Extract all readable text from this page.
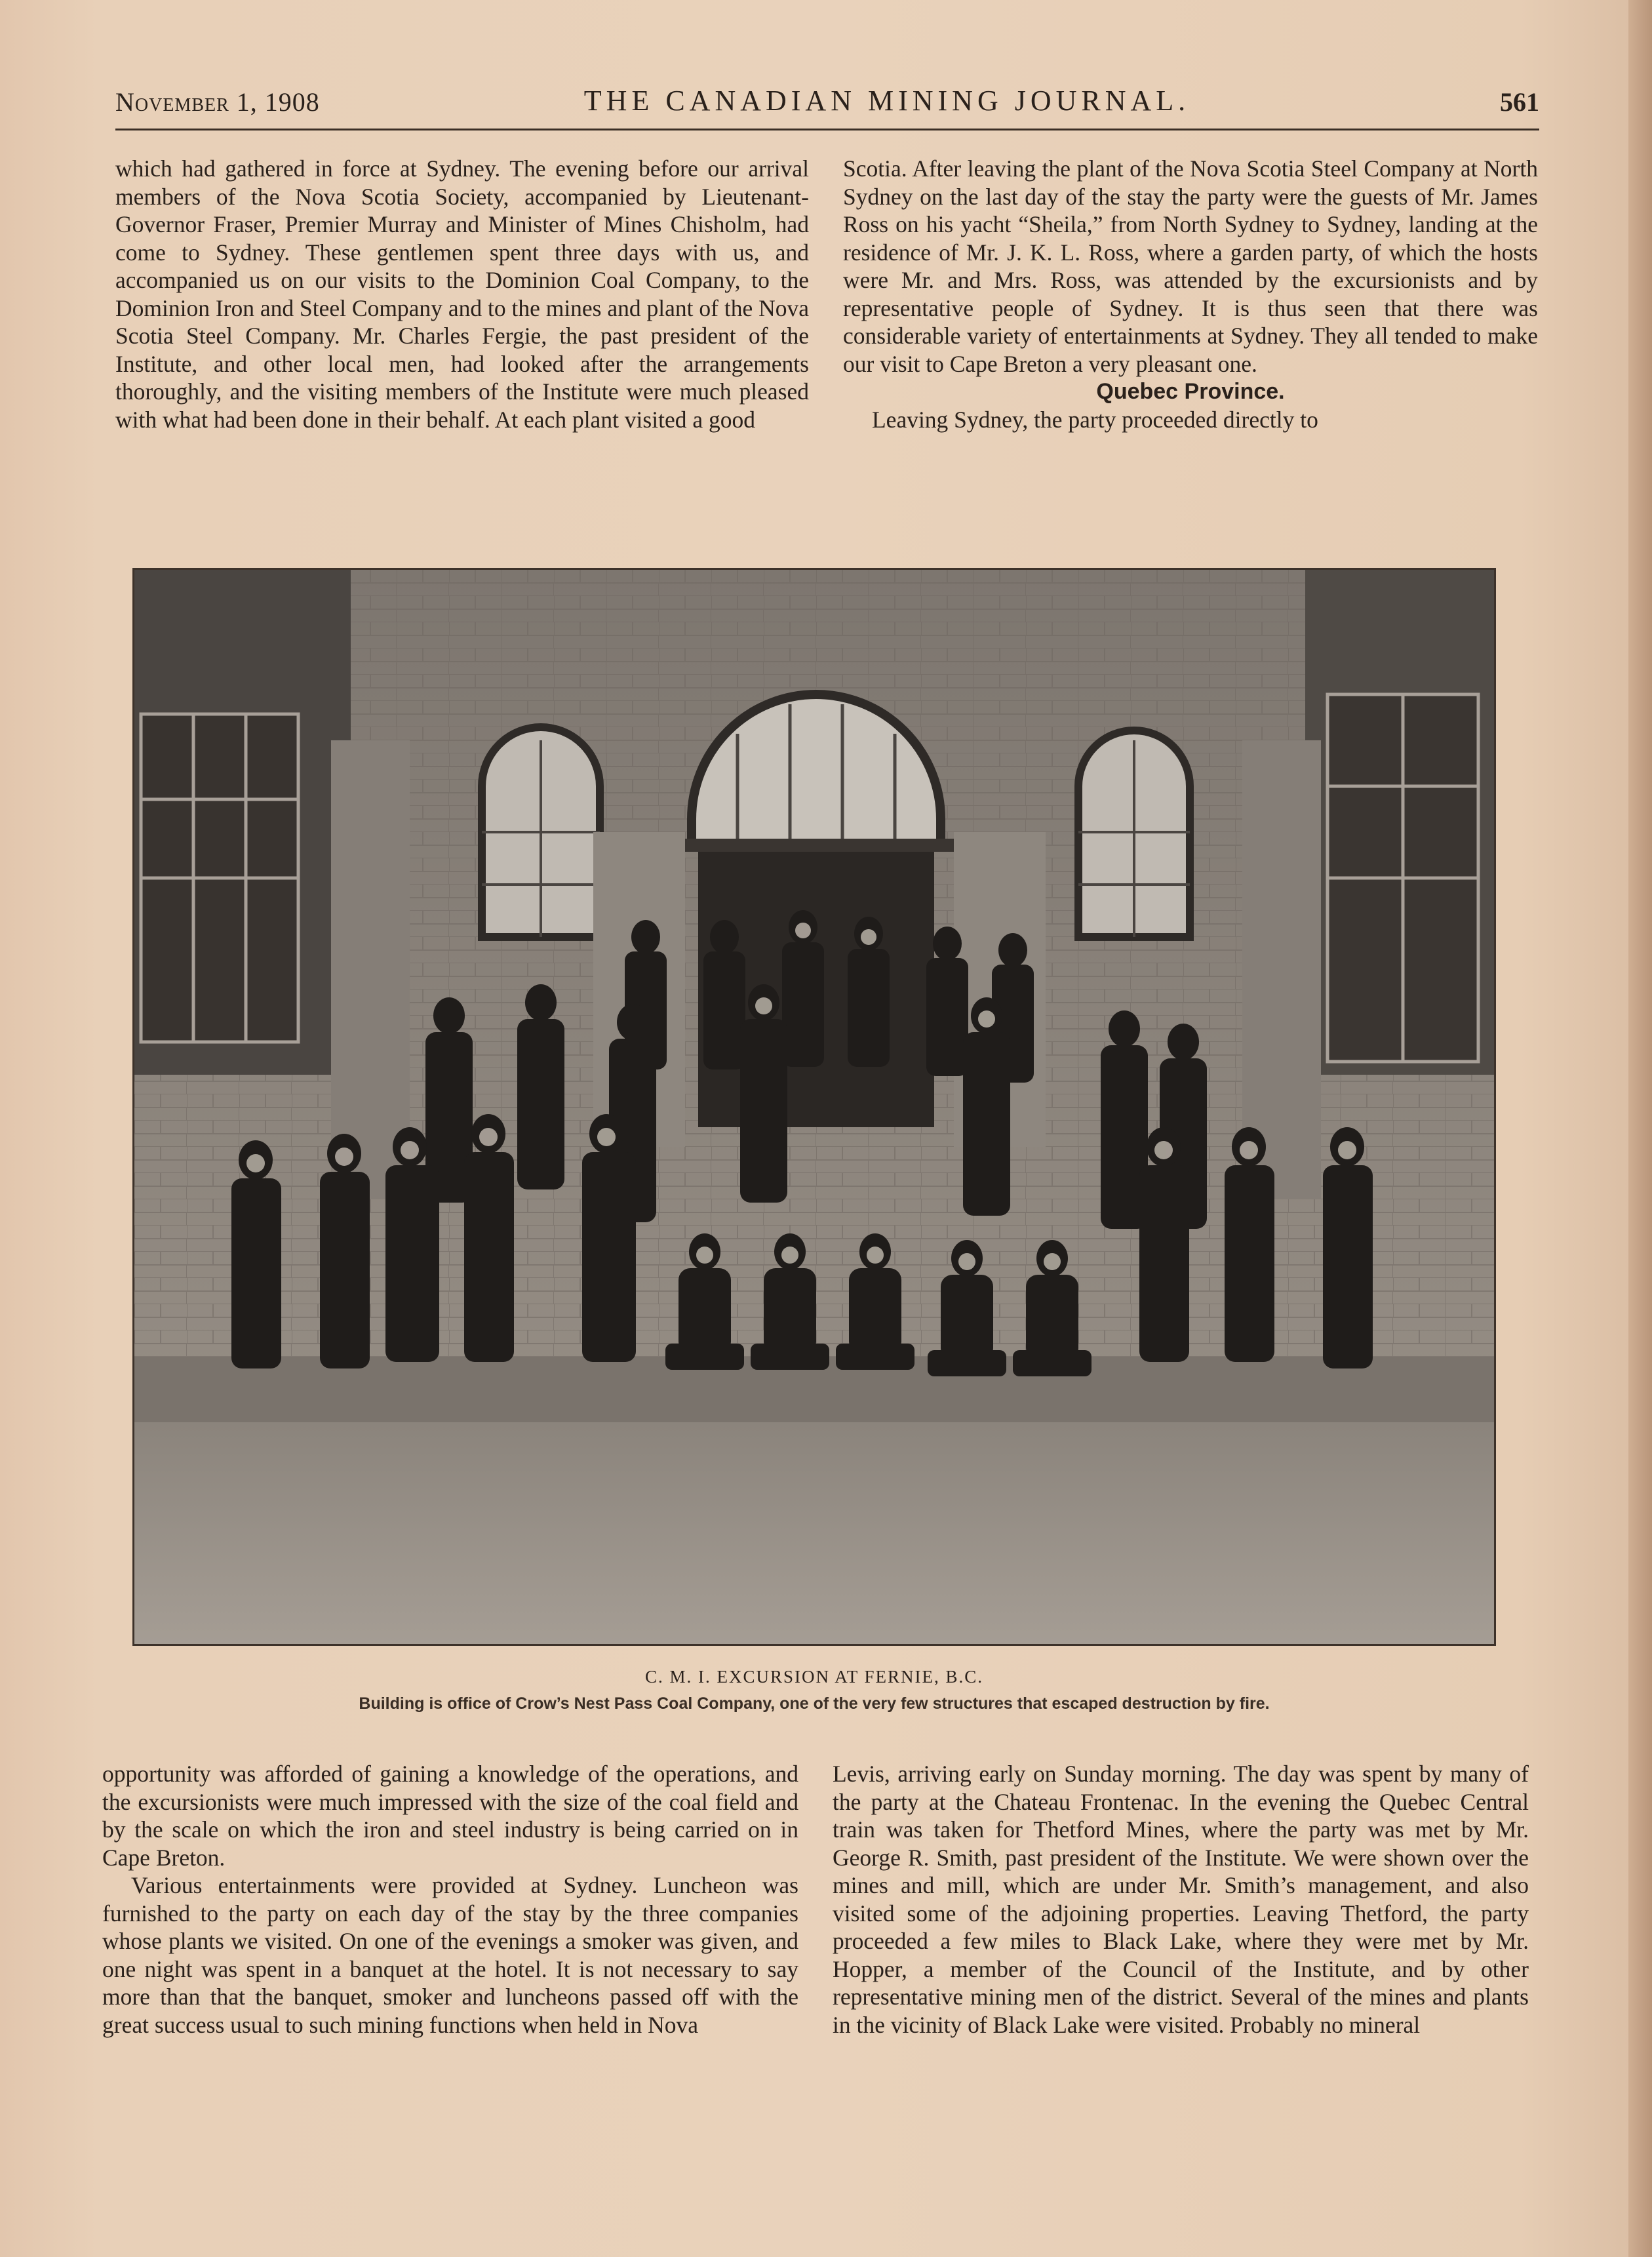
November 1, 1908	THE CANADIAN MINING JOURNAL.	561

which had gathered in force at Sydney. The evening before our arrival members of the Nova Scotia Society, accompanied by Lieutenant-Governor Fraser, Premier Murray and Minister of Mines Chisholm, had come to Sydney. These gentlemen spent three days with us, and accompanied us on our visits to the Dominion Coal Company, to the Dominion Iron and Steel Company and to the mines and plant of the Nova Scotia Steel Company. Mr. Charles Fergie, the past president of the Institute, and other local men, had looked after the arrangements thoroughly, and the visiting members of the Institute were much pleased with what had been done in their behalf. At each plant visited a good

Scotia. After leaving the plant of the Nova Scotia Steel Company at North Sydney on the last day of the stay the party were the guests of Mr. James Ross on his yacht “Sheila,” from North Sydney to Sydney, landing at the residence of Mr. J. K. L. Ross, where a garden party, of which the hosts were Mr. and Mrs. Ross, was attended by the excursionists and by representative people of Sydney. It is thus seen that there was considerable variety of entertainments at Sydney. They all tended to make our visit to Cape Breton a very pleasant one.

Quebec Province.

Leaving Sydney, the party proceeded directly to

C. M. I. EXCURSION AT FERNIE, B.C.
Building is office of Crow’s Nest Pass Coal Company, one of the very few structures that escaped destruction by fire.

opportunity was afforded of gaining a knowledge of the operations, and the excursionists were much impressed with the size of the coal field and by the scale on which the iron and steel industry is being carried on in Cape Breton.

Various entertainments were provided at Sydney. Luncheon was furnished to the party on each day of the stay by the three companies whose plants we visited. On one of the evenings a smoker was given, and one night was spent in a banquet at the hotel. It is not necessary to say more than that the banquet, smoker and luncheons passed off with the great success usual to such mining functions when held in Nova

Levis, arriving early on Sunday morning. The day was spent by many of the party at the Chateau Frontenac. In the evening the Quebec Central train was taken for Thetford Mines, where the party was met by Mr. George R. Smith, past president of the Institute. We were shown over the mines and mill, which are under Mr. Smith’s management, and also visited some of the adjoining properties. Leaving Thetford, the party proceeded a few miles to Black Lake, where they were met by Mr. Hopper, a member of the Council of the Institute, and by other representative mining men of the district. Several of the mines and plants in the vicinity of Black Lake were visited. Probably no mineral
